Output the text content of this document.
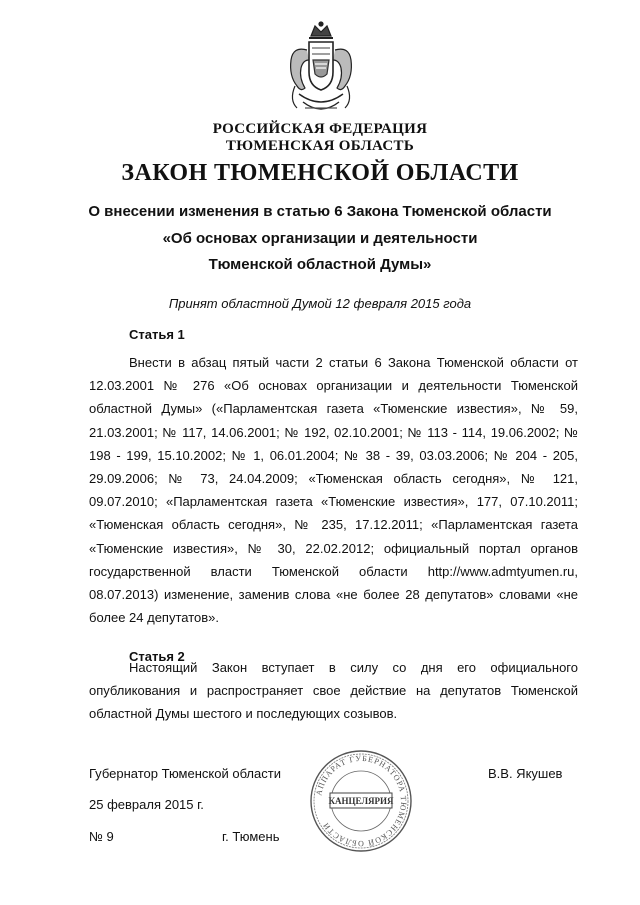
РОССИЙСКАЯ ФЕДЕРАЦИЯ
ТЮМЕНСКАЯ ОБЛАСТЬ
ЗАКОН ТЮМЕНСКОЙ ОБЛАСТИ
О внесении изменения в статью 6 Закона Тюменской области
«Об основах организации и деятельности
Тюменской областной Думы»
Принят областной Думой 12 февраля 2015 года
Статья 1

Внести в абзац пятый части 2 статьи 6 Закона Тюменской области от 12.03.2001 № 276 «Об основах организации и деятельности Тюменской областной Думы» («Парламентская газета «Тюменские известия», № 59, 21.03.2001; № 117, 14.06.2001; № 192, 02.10.2001; № 113 - 114, 19.06.2002; № 198 - 199, 15.10.2002; № 1, 06.01.2004; № 38 - 39, 03.03.2006; № 204 - 205, 29.09.2006; № 73, 24.04.2009; «Тюменская область сегодня», № 121, 09.07.2010; «Парламентская газета «Тюменские известия», 177, 07.10.2011; «Тюменская область сегодня», № 235, 17.12.2011; «Парламентская газета «Тюменские известия», № 30, 22.02.2012; официальный портал органов государственной власти Тюменской области http://www.admtyumen.ru, 08.07.2013) изменение, заменив слова «не более 28 депутатов» словами «не более 24 депутатов».

Статья 2

Настоящий Закон вступает в силу со дня его официального опубликования и распространяет свое действие на депутатов Тюменской областной Думы шестого и последующих созывов.

Губернатор Тюменской области	В.В. Якушев
25 февраля 2015 г.
№ 9	г. Тюмень
АППАРАТ ГУБЕРНАТОРА ТЮМЕНСКОЙ ОБЛАСТИ
КАНЦЕЛЯРИЯ
